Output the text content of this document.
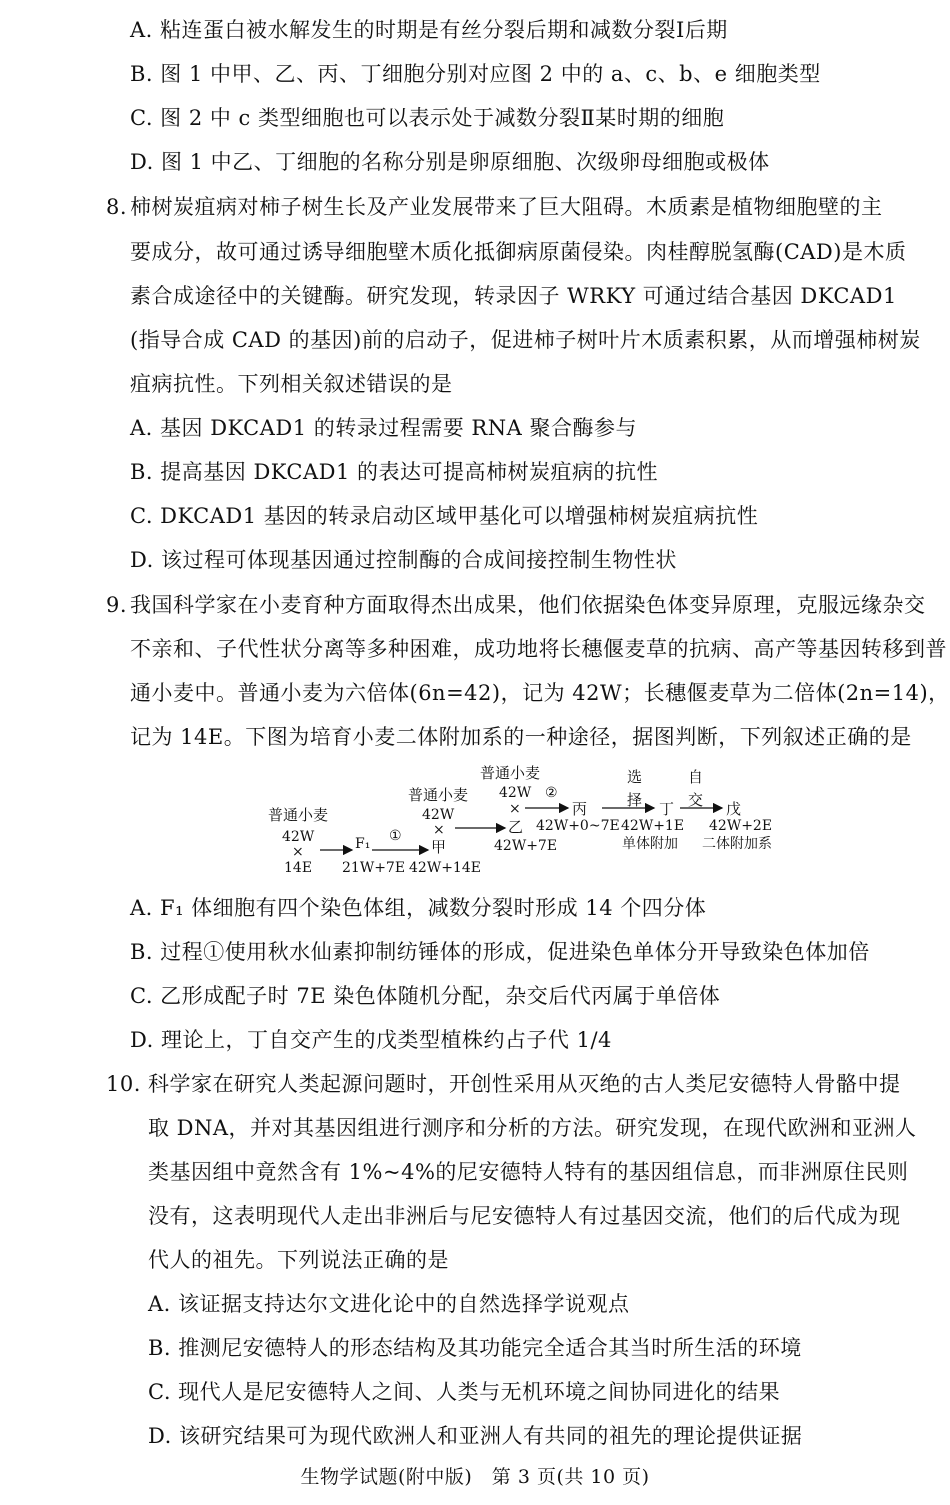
A. 粘连蛋白被水解发生的时期是有丝分裂后期和减数分裂Ⅰ后期
B. 图 1 中甲、乙、丙、丁细胞分别对应图 2 中的 a、c、b、e 细胞类型
C. 图 2 中 c 类型细胞也可以表示处于减数分裂Ⅱ某时期的细胞
D. 图 1 中乙、丁细胞的名称分别是卵原细胞、次级卵母细胞或极体
8. 柿树炭疽病对柿子树生长及产业发展带来了巨大阻碍。木质素是植物细胞壁的主
要成分，故可通过诱导细胞壁木质化抵御病原菌侵染。肉桂醇脱氢酶(CAD)是木质
素合成途径中的关键酶。研究发现，转录因子 WRKY 可通过结合基因 DKCAD1
(指导合成 CAD 的基因)前的启动子，促进柿子树叶片木质素积累，从而增强柿树炭
疽病抗性。下列相关叙述错误的是
A. 基因 DKCAD1 的转录过程需要 RNA 聚合酶参与
B. 提高基因 DKCAD1 的表达可提高柿树炭疽病的抗性
C. DKCAD1 基因的转录启动区域甲基化可以增强柿树炭疽病抗性
D. 该过程可体现基因通过控制酶的合成间接控制生物性状
9. 我国科学家在小麦育种方面取得杰出成果，他们依据染色体变异原理，克服远缘杂交
不亲和、子代性状分离等多种困难，成功地将长穗偃麦草的抗病、高产等基因转移到普
通小麦中。普通小麦为六倍体(6n=42)，记为 42W；长穗偃麦草为二倍体(2n=14)，
记为 14E。下图为培育小麦二体附加系的一种途径，据图判断，下列叙述正确的是
普通小麦
42W
×
14E
F₁
21W+7E
①
普通小麦
42W
×
甲
42W+14E
普通小麦
42W
×
乙
42W+7E
②
丙
42W+0~7E
选
择 丁
42W+1E
单体附加
自
交 戊
42W+2E
二体附加系
A. F₁ 体细胞有四个染色体组，减数分裂时形成 14 个四分体
B. 过程①使用秋水仙素抑制纺锤体的形成，促进染色单体分开导致染色体加倍
C. 乙形成配子时 7E 染色体随机分配，杂交后代丙属于单倍体
D. 理论上，丁自交产生的戊类型植株约占子代 1/4
10. 科学家在研究人类起源问题时，开创性采用从灭绝的古人类尼安德特人骨骼中提
取 DNA，并对其基因组进行测序和分析的方法。研究发现，在现代欧洲和亚洲人
类基因组中竟然含有 1%~4%的尼安德特人特有的基因组信息，而非洲原住民则
没有，这表明现代人走出非洲后与尼安德特人有过基因交流，他们的后代成为现
代人的祖先。下列说法正确的是
A. 该证据支持达尔文进化论中的自然选择学说观点
B. 推测尼安德特人的形态结构及其功能完全适合其当时所生活的环境
C. 现代人是尼安德特人之间、人类与无机环境之间协同进化的结果
D. 该研究结果可为现代欧洲人和亚洲人有共同的祖先的理论提供证据
生物学试题(附中版)　第 3 页(共 10 页)
